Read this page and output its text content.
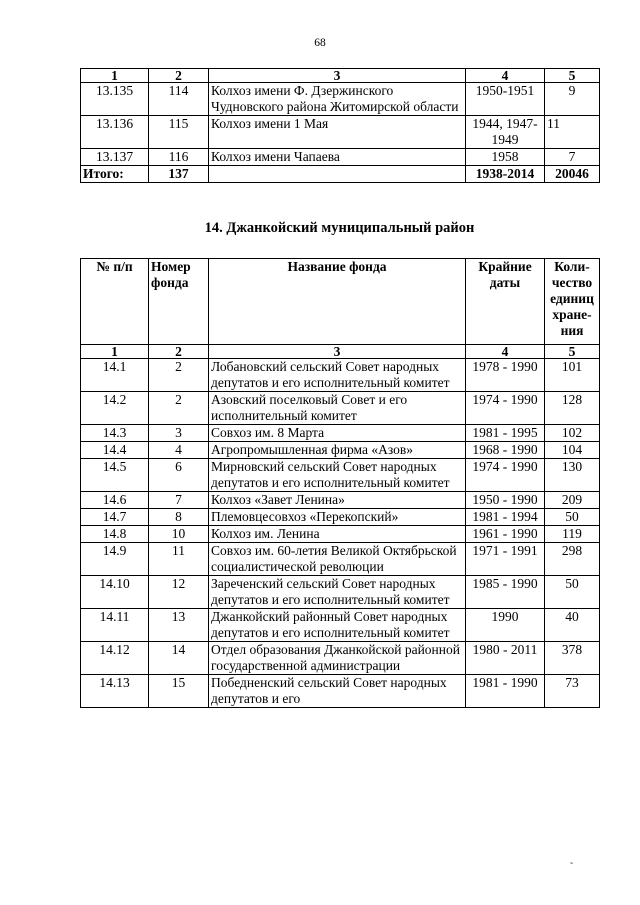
68
1	2	3	4	5
13.135	114	Колхоз имени Ф. Дзержинского Чудновского района Житомирской области	1950-1951	9
13.136	115	Колхоз имени 1 Мая	1944, 1947-1949	11
13.137	116	Колхоз имени Чапаева	1958	7
Итого:	137		1938-2014	20046
14. Джанкойский муниципальный район
№ п/п	Номер фонда	Название фонда	Крайние даты	Коли-чество единиц хране-ния
1	2	3	4	5
14.1	2	Лобановский сельский Совет народных депутатов и его исполнительный комитет	1978 - 1990	101
14.2	2	Азовский поселковый Совет и его исполнительный комитет	1974 - 1990	128
14.3	3	Совхоз им. 8 Марта	1981 - 1995	102
14.4	4	Агропромышленная фирма «Азов»	1968 - 1990	104
14.5	6	Мирновский сельский Совет народных депутатов и его исполнительный комитет	1974 - 1990	130
14.6	7	Колхоз «Завет Ленина»	1950 - 1990	209
14.7	8	Племовцесовхоз «Перекопский»	1981 - 1994	50
14.8	10	Колхоз им. Ленина	1961 - 1990	119
14.9	11	Совхоз им. 60-летия Великой Октябрьской социалистической революции	1971 - 1991	298
14.10	12	Зареченский сельский Совет народных депутатов и его исполнительный комитет	1985 - 1990	50
14.11	13	Джанкойский районный Совет народных депутатов и его исполнительный комитет	1990	40
14.12	14	Отдел образования Джанкойской районной государственной администрации	1980 - 2011	378
14.13	15	Победненский сельский Совет народных депутатов и его	1981 - 1990	73
˜
